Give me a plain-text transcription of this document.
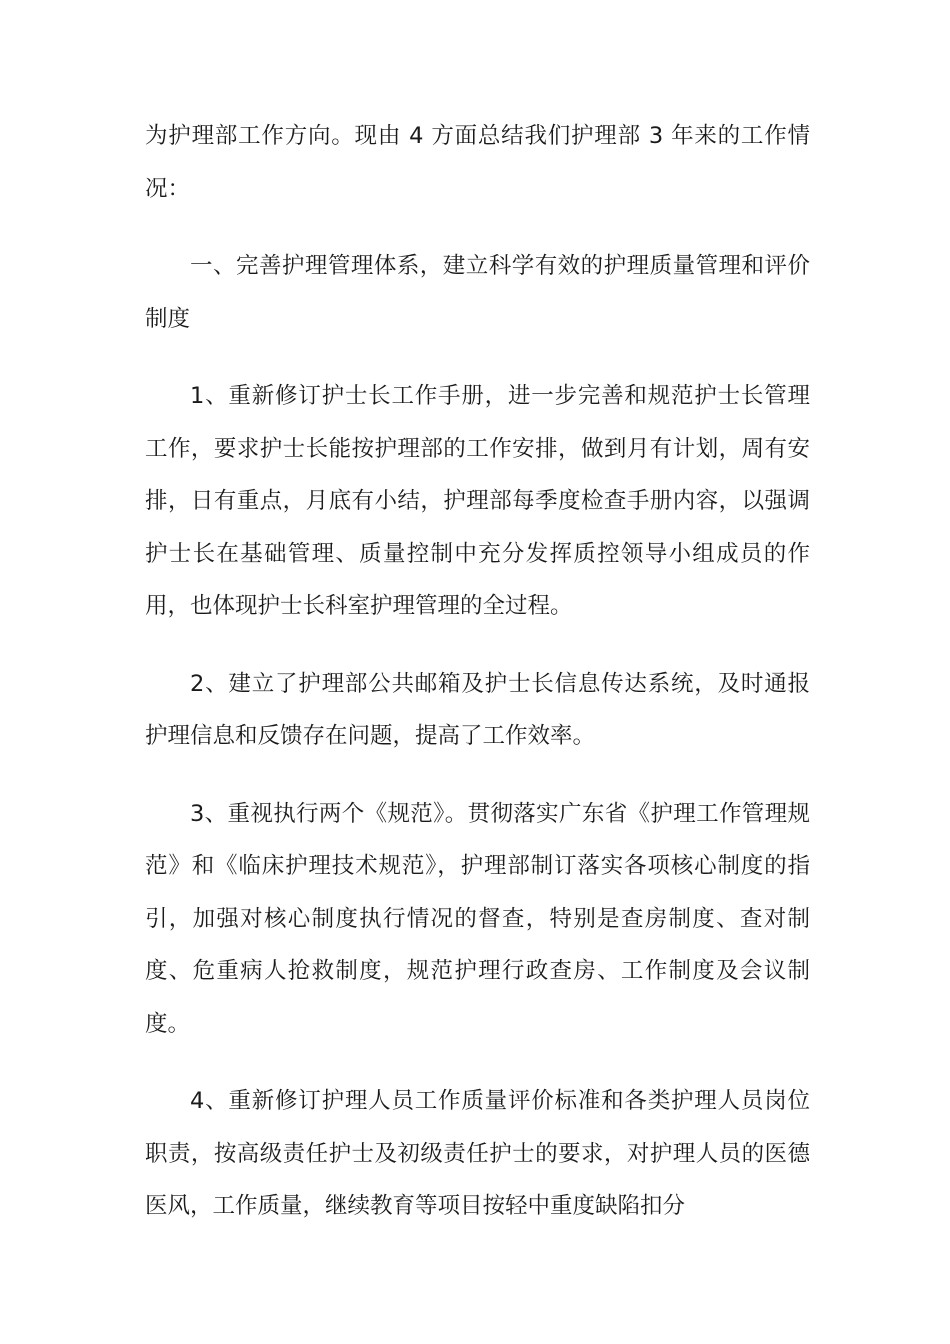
为护理部工作方向。现由 4 方面总结我们护理部 3 年来的工作情况：

一、完善护理管理体系，建立科学有效的护理质量管理和评价制度

1、重新修订护士长工作手册，进一步完善和规范护士长管理工作，要求护士长能按护理部的工作安排，做到月有计划，周有安排，日有重点，月底有小结，护理部每季度检查手册内容，以强调护士长在基础管理、质量控制中充分发挥质控领导小组成员的作用，也体现护士长科室护理管理的全过程。

2、建立了护理部公共邮箱及护士长信息传达系统，及时通报护理信息和反馈存在问题，提高了工作效率。

3、重视执行两个《规范》。贯彻落实广东省《护理工作管理规范》和《临床护理技术规范》，护理部制订落实各项核心制度的指引，加强对核心制度执行情况的督查，特别是查房制度、查对制度、危重病人抢救制度，规范护理行政查房、工作制度及会议制度。

4、重新修订护理人员工作质量评价标准和各类护理人员岗位职责，按高级责任护士及初级责任护士的要求，对护理人员的医德医风，工作质量，继续教育等项目按轻中重度缺陷扣分
